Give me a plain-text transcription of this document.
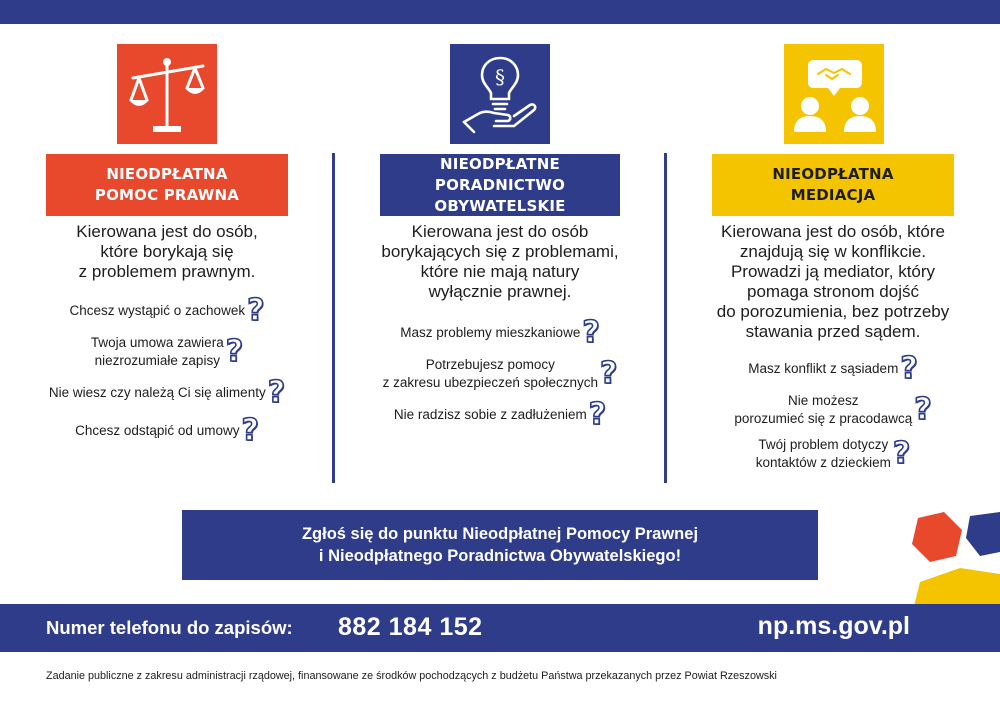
NIEODPŁATNA
POMOC PRAWNA
Kierowana jest do osób,
które borykają się
z problemem prawnym.
Chcesz wystąpić o zachowek ?
Twoja umowa zawiera
niezrozumiałe zapisy ?
Nie wiesz czy należą Ci się alimenty ?
Chcesz odstąpić od umowy ?
§
NIEODPŁATNE
PORADNICTWO OBYWATELSKIE
Kierowana jest do osób
borykających się z problemami,
które nie mają natury
wyłącznie prawnej.
Masz problemy mieszkaniowe ?
Potrzebujesz pomocy
z zakresu ubezpieczeń społecznych ?
Nie radzisz sobie z zadłużeniem ?
NIEODPŁATNA
MEDIACJA
Kierowana jest do osób, które
znajdują się w konflikcie.
Prowadzi ją mediator, który
pomaga stronom dojść
do porozumienia, bez potrzeby
stawania przed sądem.
Masz konflikt z sąsiadem ?
Nie możesz
porozumieć się z pracodawcą ?
Twój problem dotyczy
kontaktów z dzieckiem ?
Zgłoś się do punktu Nieodpłatnej Pomocy Prawnej
i Nieodpłatnego Poradnictwa Obywatelskiego!
Numer telefonu do zapisów: 882 184 152	np.ms.gov.pl
Zadanie publiczne z zakresu administracji rządowej, finansowane ze środków pochodzących z budżetu Państwa przekazanych przez Powiat Rzeszowski
